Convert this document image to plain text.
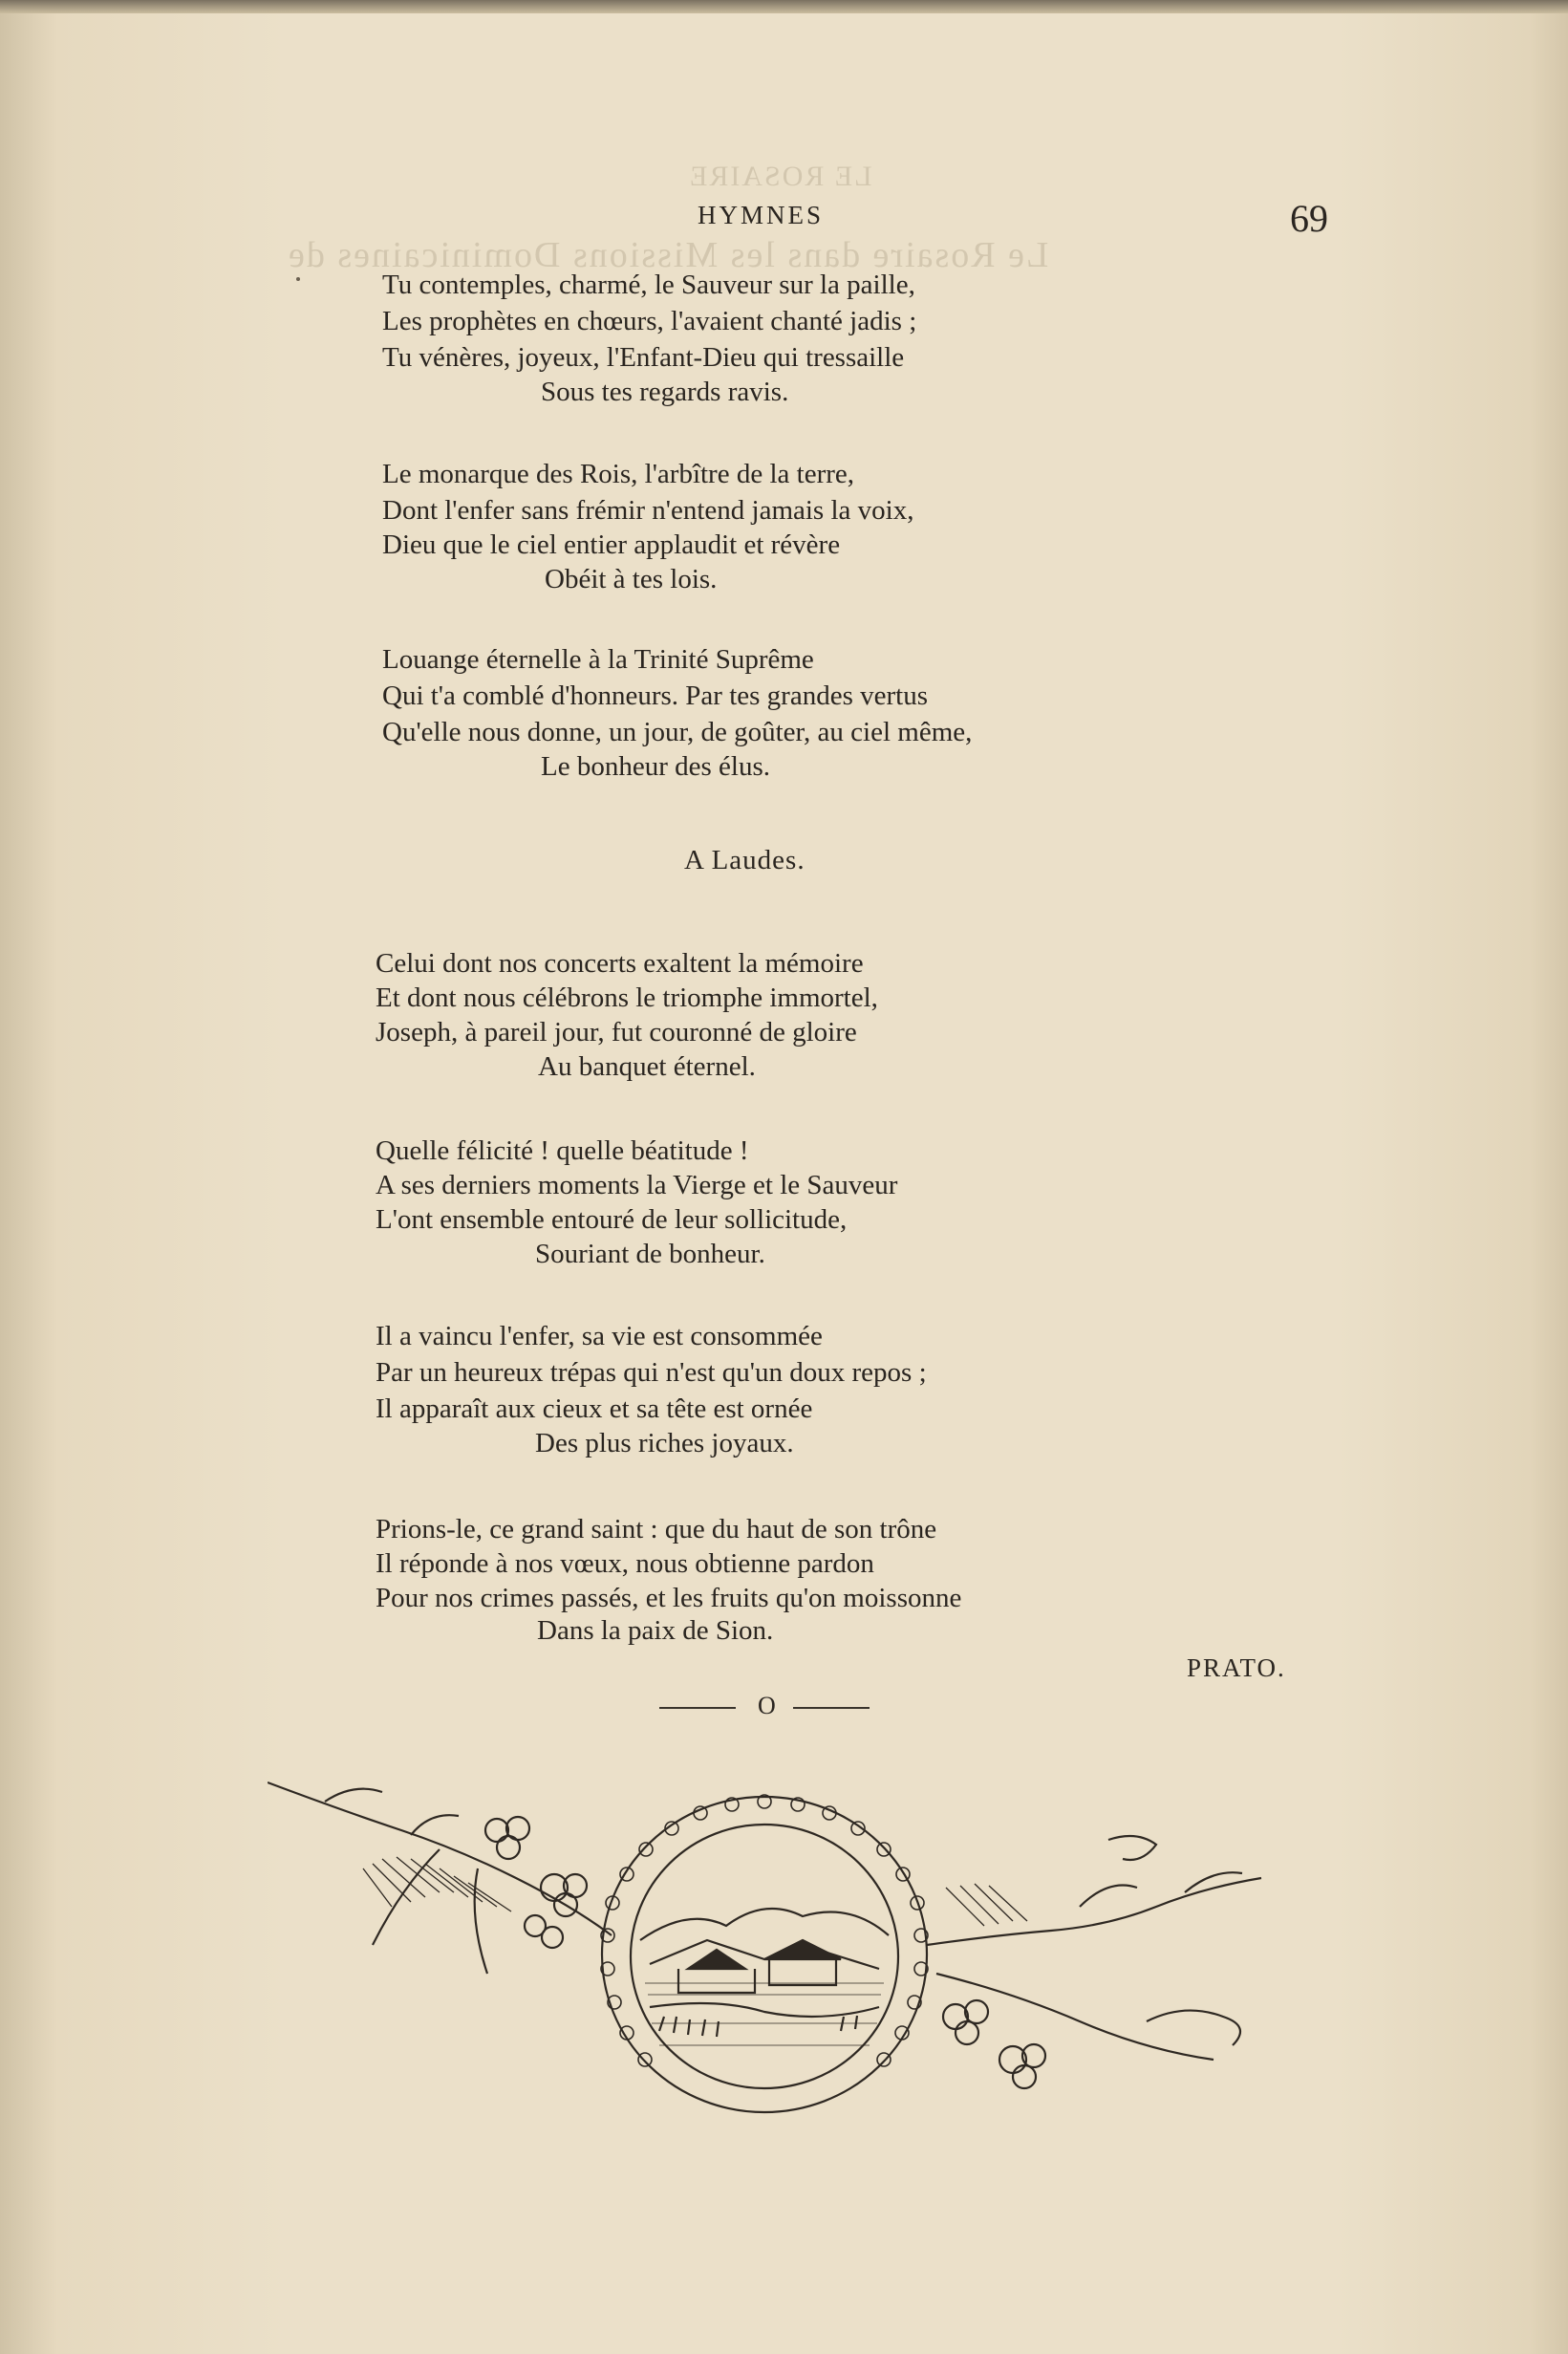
LE ROSAIRE
Le Rosaire dans les Missions Dominicaines de
HYMNES	69
Tu contemples, charmé, le Sauveur sur la paille,
Les prophètes en chœurs, l'avaient chanté jadis ;
Tu vénères, joyeux, l'Enfant-Dieu qui tressaille
Sous tes regards ravis.
Le monarque des Rois, l'arbître de la terre,
Dont l'enfer sans frémir n'entend jamais la voix,
Dieu que le ciel entier applaudit et révère
Obéit à tes lois.
Louange éternelle à la Trinité Suprême
Qui t'a comblé d'honneurs. Par tes grandes vertus
Qu'elle nous donne, un jour, de goûter, au ciel même,
Le bonheur des élus.
A Laudes.
Celui dont nos concerts exaltent la mémoire
Et dont nous célébrons le triomphe immortel,
Joseph, à pareil jour, fut couronné de gloire
Au banquet éternel.
Quelle félicité ! quelle béatitude !
A ses derniers moments la Vierge et le Sauveur
L'ont ensemble entouré de leur sollicitude,
Souriant de bonheur.
Il a vaincu l'enfer, sa vie est consommée
Par un heureux trépas qui n'est qu'un doux repos ;
Il apparaît aux cieux et sa tête est ornée
Des plus riches joyaux.
Prions-le, ce grand saint : que du haut de son trône
Il réponde à nos vœux, nous obtienne pardon
Pour nos crimes passés, et les fruits qu'on moissonne
Dans la paix de Sion.
PRATO.
O
